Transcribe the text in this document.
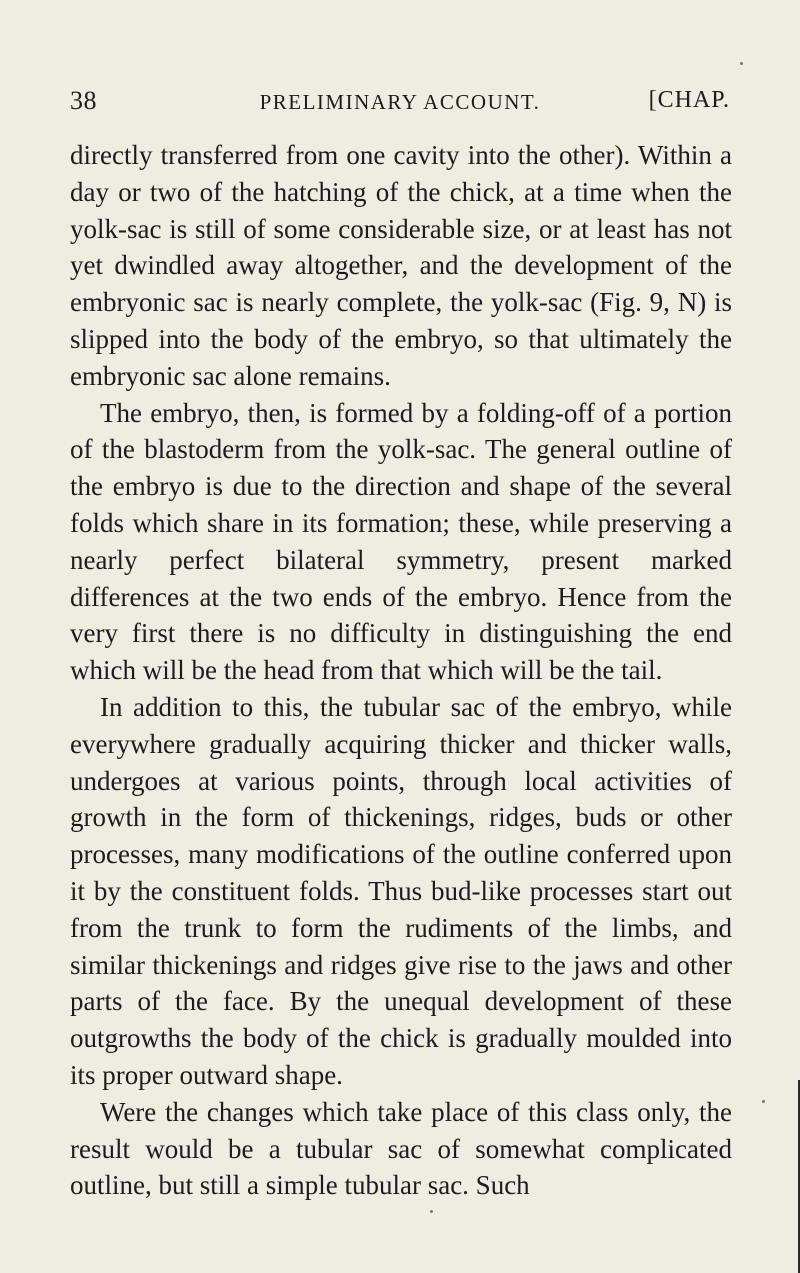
38	PRELIMINARY ACCOUNT.	[CHAP.

directly transferred from one cavity into the other). Within a day or two of the hatching of the chick, at a time when the yolk-sac is still of some considerable size, or at least has not yet dwindled away altogether, and the development of the embryonic sac is nearly complete, the yolk-sac (Fig. 9, N) is slipped into the body of the embryo, so that ultimately the embryonic sac alone remains.

The embryo, then, is formed by a folding-off of a portion of the blastoderm from the yolk-sac. The general outline of the embryo is due to the direction and shape of the several folds which share in its formation; these, while preserving a nearly perfect bilateral symmetry, present marked differences at the two ends of the embryo. Hence from the very first there is no difficulty in distinguishing the end which will be the head from that which will be the tail.

In addition to this, the tubular sac of the embryo, while everywhere gradually acquiring thicker and thicker walls, undergoes at various points, through local activities of growth in the form of thickenings, ridges, buds or other processes, many modifications of the outline conferred upon it by the constituent folds. Thus bud-like processes start out from the trunk to form the rudiments of the limbs, and similar thickenings and ridges give rise to the jaws and other parts of the face. By the unequal development of these outgrowths the body of the chick is gradually moulded into its proper outward shape.

Were the changes which take place of this class only, the result would be a tubular sac of somewhat complicated outline, but still a simple tubular sac. Such
